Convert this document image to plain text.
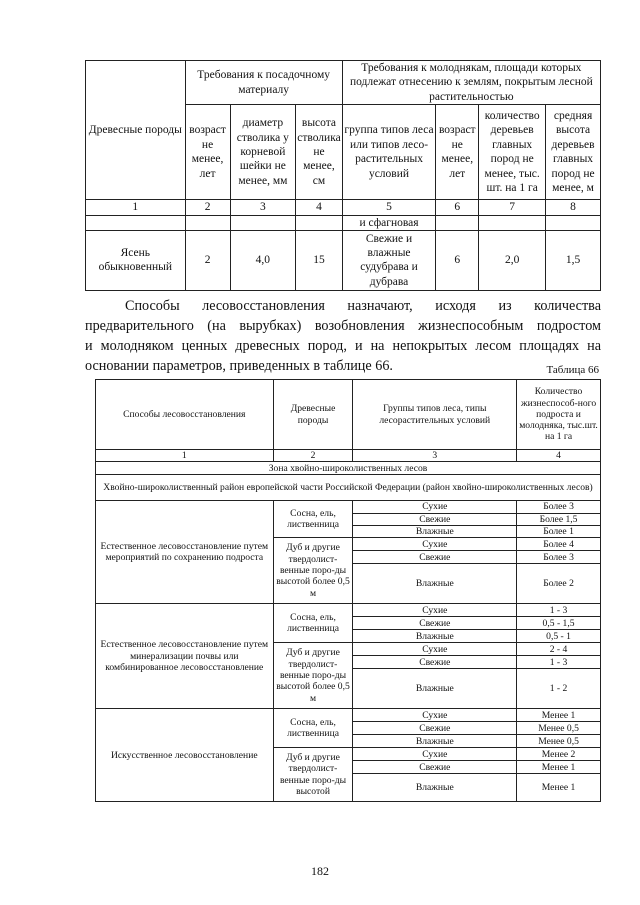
Древесные породы	Требования к посадочному материалу			Требования к молоднякам, площади которых подлежат отнесению к землям, покрытым лесной растительностью			
	возраст не менее, лет	диаметр стволика у корневой шейки не менее, мм	высота стволика не менее, см	группа типов леса или типов лесо-растительных условий	возраст не менее, лет	количество деревьев главных пород не менее, тыс. шт. на 1 га	средняя высота деревьев главных пород не менее, м
1	2	3	4	5	6	7	8
				и сфагновая			
Ясень обыкновенный	2	4,0	15	Свежие и влажные судубрава и дубрава	6	2,0	1,5
Способы лесовосстановления назначают, исходя из количества
предварительного (на вырубках) возобновления жизнеспособным подростом
и молодняком ценных древесных пород, и на непокрытых лесом площадях на
основании параметров, приведенных в таблице 66.	Таблица 66
Способы лесовосстановления	Древесные породы	Группы типов леса, типы лесорастительных условий	Количество жизнеспособ-ного подроста и молодняка, тыс.шт. на 1 га
1	2	3	4
Зона хвойно-широколиственных лесов			
Хвойно-широколиственный район европейской части Российской Федерации (район хвойно-широколиственных лесов)			
Естественное лесовосстановление путем мероприятий по сохранению подроста	Сосна, ель, лиственница	Сухие	Более 3
		Свежие	Более 1,5
		Влажные	Более 1
	Дуб и другие твердолист-венные поро-ды высотой более 0,5 м	Сухие	Более 4
		Свежие	Более 3
		Влажные	Более 2
Естественное лесовосстановление путем минерализации почвы или комбинированное лесовосстановление	Сосна, ель, лиственница	Сухие	1 - 3
		Свежие	0,5 - 1,5
		Влажные	0,5 - 1
	Дуб и другие твердолист-венные поро-ды высотой более 0,5 м	Сухие	2 - 4
		Свежие	1 - 3
		Влажные	1 - 2
Искусственное лесовосстановление	Сосна, ель, лиственница	Сухие	Менее 1
		Свежие	Менее 0,5
		Влажные	Менее 0,5
	Дуб и другие твердолист-венные поро-ды высотой	Сухие	Менее 2
		Свежие	Менее 1
		Влажные	Менее 1
182
